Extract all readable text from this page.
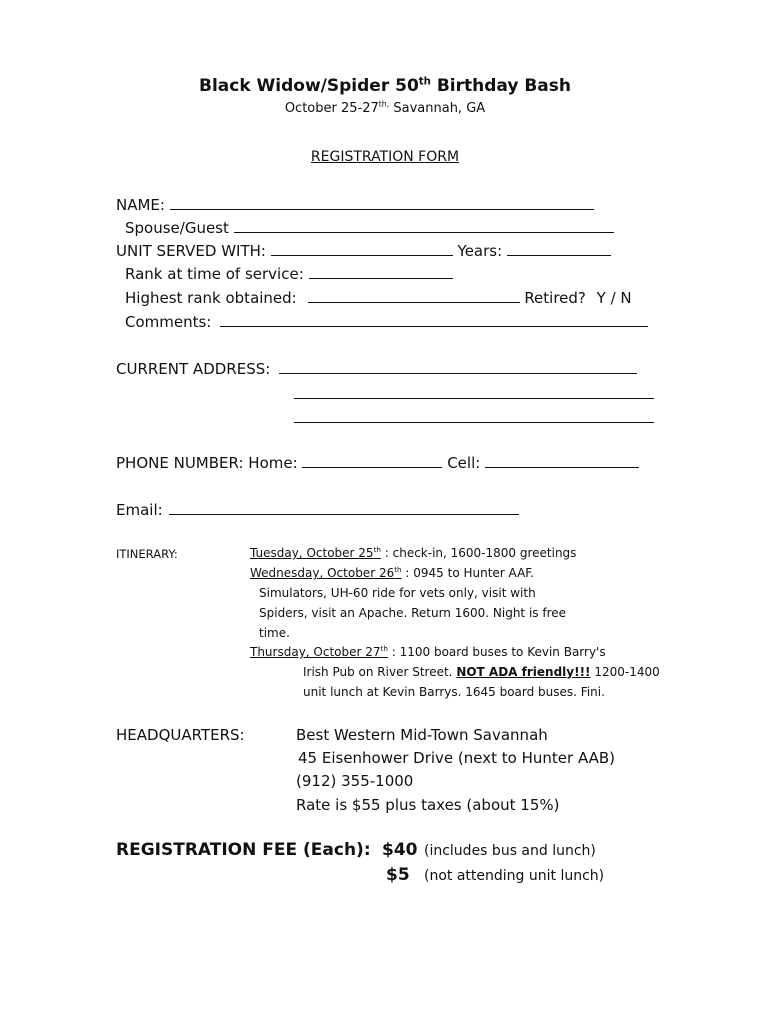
Black Widow/Spider 50th Birthday Bash
October $25-27^{th,}$ Savannah, GA
REGISTRATION FORM
NAME:
Spouse/Guest
UNIT SERVED WITH:	Years:
Rank at time of service:
Highest rank obtained:	Retired? Y / N
Comments:
CURRENT ADDRESS:
PHONE NUMBER: Home:	Cell:
Email:
ITINERARY:	Tuesday, October 25th : check-in, 1600-1800 greetings
Wednesday, October 26th : 0945 to Hunter AAF.
Simulators, UH-60 ride for vets only, visit with
Spiders, visit an Apache. Return 1600. Night is free
time.
Thursday, October 27th : 1100 board buses to Kevin Barry's
Irish Pub on River Street. NOT ADA friendly!!! 1200-1400
unit lunch at Kevin Barrys. 1645 board buses. Fini.
HEADQUARTERS:	Best Western Mid-Town Savannah
45 Eisenhower Drive (next to Hunter AAB)
(912) 355-1000
Rate is $55 plus taxes (about 15%)
REGISTRATION FEE (Each): $40 (includes bus and lunch)
$5 (not attending unit lunch)
